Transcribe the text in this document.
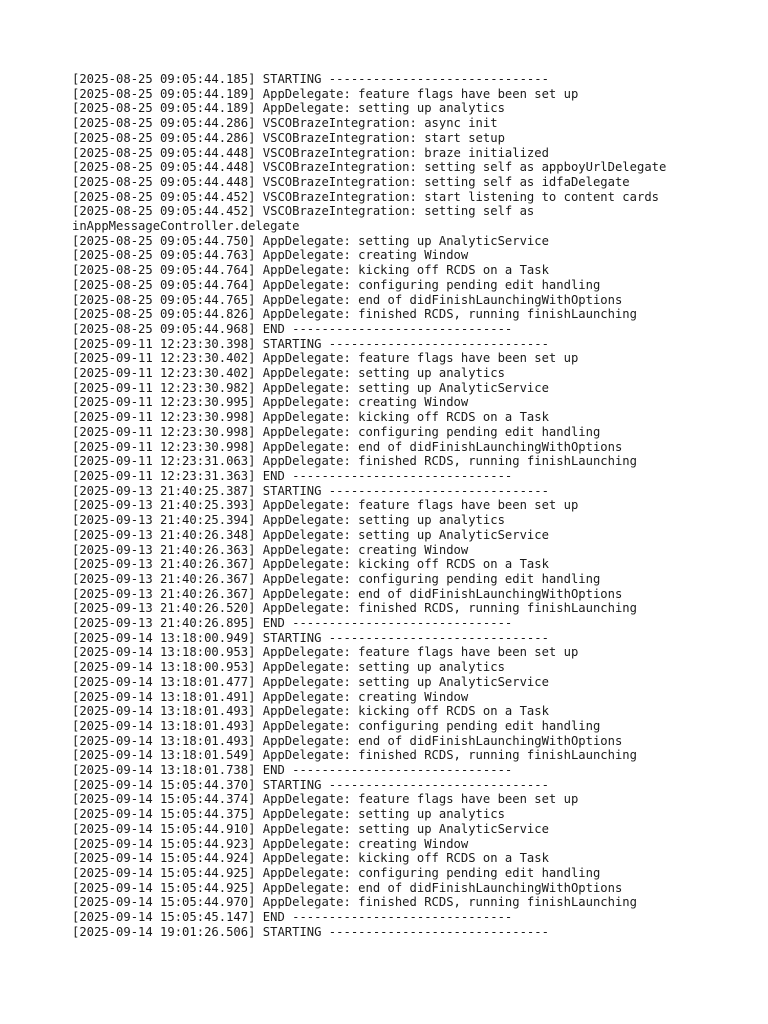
[2025-08-25 09:05:44.185] STARTING ------------------------------
[2025-08-25 09:05:44.189] AppDelegate: feature flags have been set up
[2025-08-25 09:05:44.189] AppDelegate: setting up analytics
[2025-08-25 09:05:44.286] VSCOBrazeIntegration: async init
[2025-08-25 09:05:44.286] VSCOBrazeIntegration: start setup
[2025-08-25 09:05:44.448] VSCOBrazeIntegration: braze initialized
[2025-08-25 09:05:44.448] VSCOBrazeIntegration: setting self as appboyUrlDelegate
[2025-08-25 09:05:44.448] VSCOBrazeIntegration: setting self as idfaDelegate
[2025-08-25 09:05:44.452] VSCOBrazeIntegration: start listening to content cards
[2025-08-25 09:05:44.452] VSCOBrazeIntegration: setting self as
inAppMessageController.delegate
[2025-08-25 09:05:44.750] AppDelegate: setting up AnalyticService
[2025-08-25 09:05:44.763] AppDelegate: creating Window
[2025-08-25 09:05:44.764] AppDelegate: kicking off RCDS on a Task
[2025-08-25 09:05:44.764] AppDelegate: configuring pending edit handling
[2025-08-25 09:05:44.765] AppDelegate: end of didFinishLaunchingWithOptions
[2025-08-25 09:05:44.826] AppDelegate: finished RCDS, running finishLaunching
[2025-08-25 09:05:44.968] END ------------------------------
[2025-09-11 12:23:30.398] STARTING ------------------------------
[2025-09-11 12:23:30.402] AppDelegate: feature flags have been set up
[2025-09-11 12:23:30.402] AppDelegate: setting up analytics
[2025-09-11 12:23:30.982] AppDelegate: setting up AnalyticService
[2025-09-11 12:23:30.995] AppDelegate: creating Window
[2025-09-11 12:23:30.998] AppDelegate: kicking off RCDS on a Task
[2025-09-11 12:23:30.998] AppDelegate: configuring pending edit handling
[2025-09-11 12:23:30.998] AppDelegate: end of didFinishLaunchingWithOptions
[2025-09-11 12:23:31.063] AppDelegate: finished RCDS, running finishLaunching
[2025-09-11 12:23:31.363] END ------------------------------
[2025-09-13 21:40:25.387] STARTING ------------------------------
[2025-09-13 21:40:25.393] AppDelegate: feature flags have been set up
[2025-09-13 21:40:25.394] AppDelegate: setting up analytics
[2025-09-13 21:40:26.348] AppDelegate: setting up AnalyticService
[2025-09-13 21:40:26.363] AppDelegate: creating Window
[2025-09-13 21:40:26.367] AppDelegate: kicking off RCDS on a Task
[2025-09-13 21:40:26.367] AppDelegate: configuring pending edit handling
[2025-09-13 21:40:26.367] AppDelegate: end of didFinishLaunchingWithOptions
[2025-09-13 21:40:26.520] AppDelegate: finished RCDS, running finishLaunching
[2025-09-13 21:40:26.895] END ------------------------------
[2025-09-14 13:18:00.949] STARTING ------------------------------
[2025-09-14 13:18:00.953] AppDelegate: feature flags have been set up
[2025-09-14 13:18:00.953] AppDelegate: setting up analytics
[2025-09-14 13:18:01.477] AppDelegate: setting up AnalyticService
[2025-09-14 13:18:01.491] AppDelegate: creating Window
[2025-09-14 13:18:01.493] AppDelegate: kicking off RCDS on a Task
[2025-09-14 13:18:01.493] AppDelegate: configuring pending edit handling
[2025-09-14 13:18:01.493] AppDelegate: end of didFinishLaunchingWithOptions
[2025-09-14 13:18:01.549] AppDelegate: finished RCDS, running finishLaunching
[2025-09-14 13:18:01.738] END ------------------------------
[2025-09-14 15:05:44.370] STARTING ------------------------------
[2025-09-14 15:05:44.374] AppDelegate: feature flags have been set up
[2025-09-14 15:05:44.375] AppDelegate: setting up analytics
[2025-09-14 15:05:44.910] AppDelegate: setting up AnalyticService
[2025-09-14 15:05:44.923] AppDelegate: creating Window
[2025-09-14 15:05:44.924] AppDelegate: kicking off RCDS on a Task
[2025-09-14 15:05:44.925] AppDelegate: configuring pending edit handling
[2025-09-14 15:05:44.925] AppDelegate: end of didFinishLaunchingWithOptions
[2025-09-14 15:05:44.970] AppDelegate: finished RCDS, running finishLaunching
[2025-09-14 15:05:45.147] END ------------------------------
[2025-09-14 19:01:26.506] STARTING ------------------------------
